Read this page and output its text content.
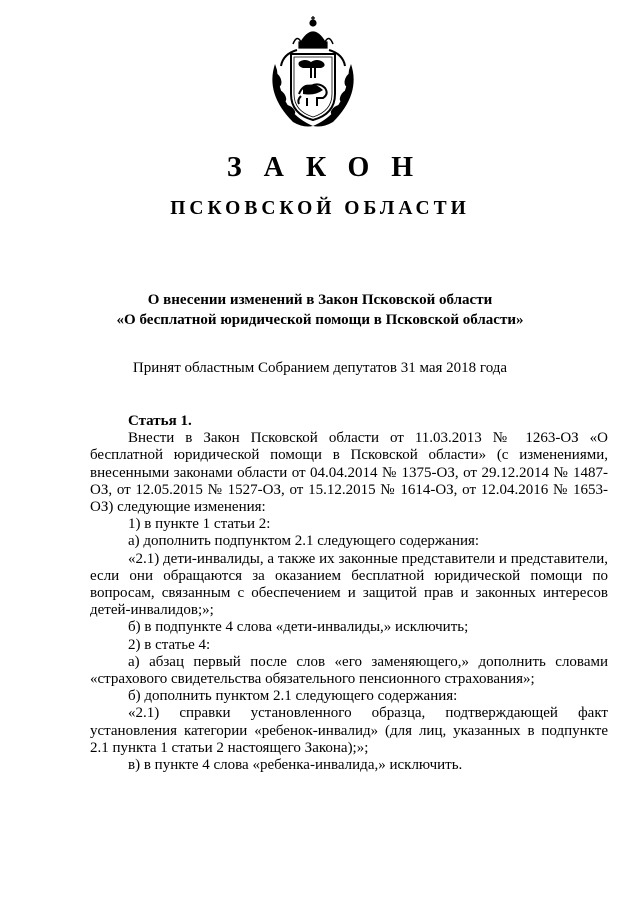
ЗАКОН
ПСКОВСКОЙ ОБЛАСТИ
О внесении изменений в Закон Псковской области
«О бесплатной юридической помощи в Псковской области»
Принят областным Собранием депутатов 31 мая 2018 года

Статья 1.

Внести в Закон Псковской области от 11.03.2013 № 1263-ОЗ «О бесплатной юридической помощи в Псковской области» (с изменениями, внесенными законами области от 04.04.2014 № 1375-ОЗ, от 29.12.2014 № 1487-ОЗ, от 12.05.2015 № 1527-ОЗ, от 15.12.2015 № 1614-ОЗ, от 12.04.2016 № 1653-ОЗ) следующие изменения:

1) в пункте 1 статьи 2:

а) дополнить подпунктом 2.1 следующего содержания:

«2.1) дети-инвалиды, а также их законные представители и представители, если они обращаются за оказанием бесплатной юридической помощи по вопросам, связанным с обеспечением и защитой прав и законных интересов детей-инвалидов;»;

б) в подпункте 4 слова «дети-инвалиды,» исключить;

2) в статье 4:

а) абзац первый после слов «его заменяющего,» дополнить словами «страхового свидетельства обязательного пенсионного страхования»;

б) дополнить пунктом 2.1 следующего содержания:

«2.1) справки установленного образца, подтверждающей факт установления категории «ребенок-инвалид» (для лиц, указанных в подпункте 2.1 пункта 1 статьи 2 настоящего Закона);»;

в) в пункте 4 слова «ребенка-инвалида,» исключить.
